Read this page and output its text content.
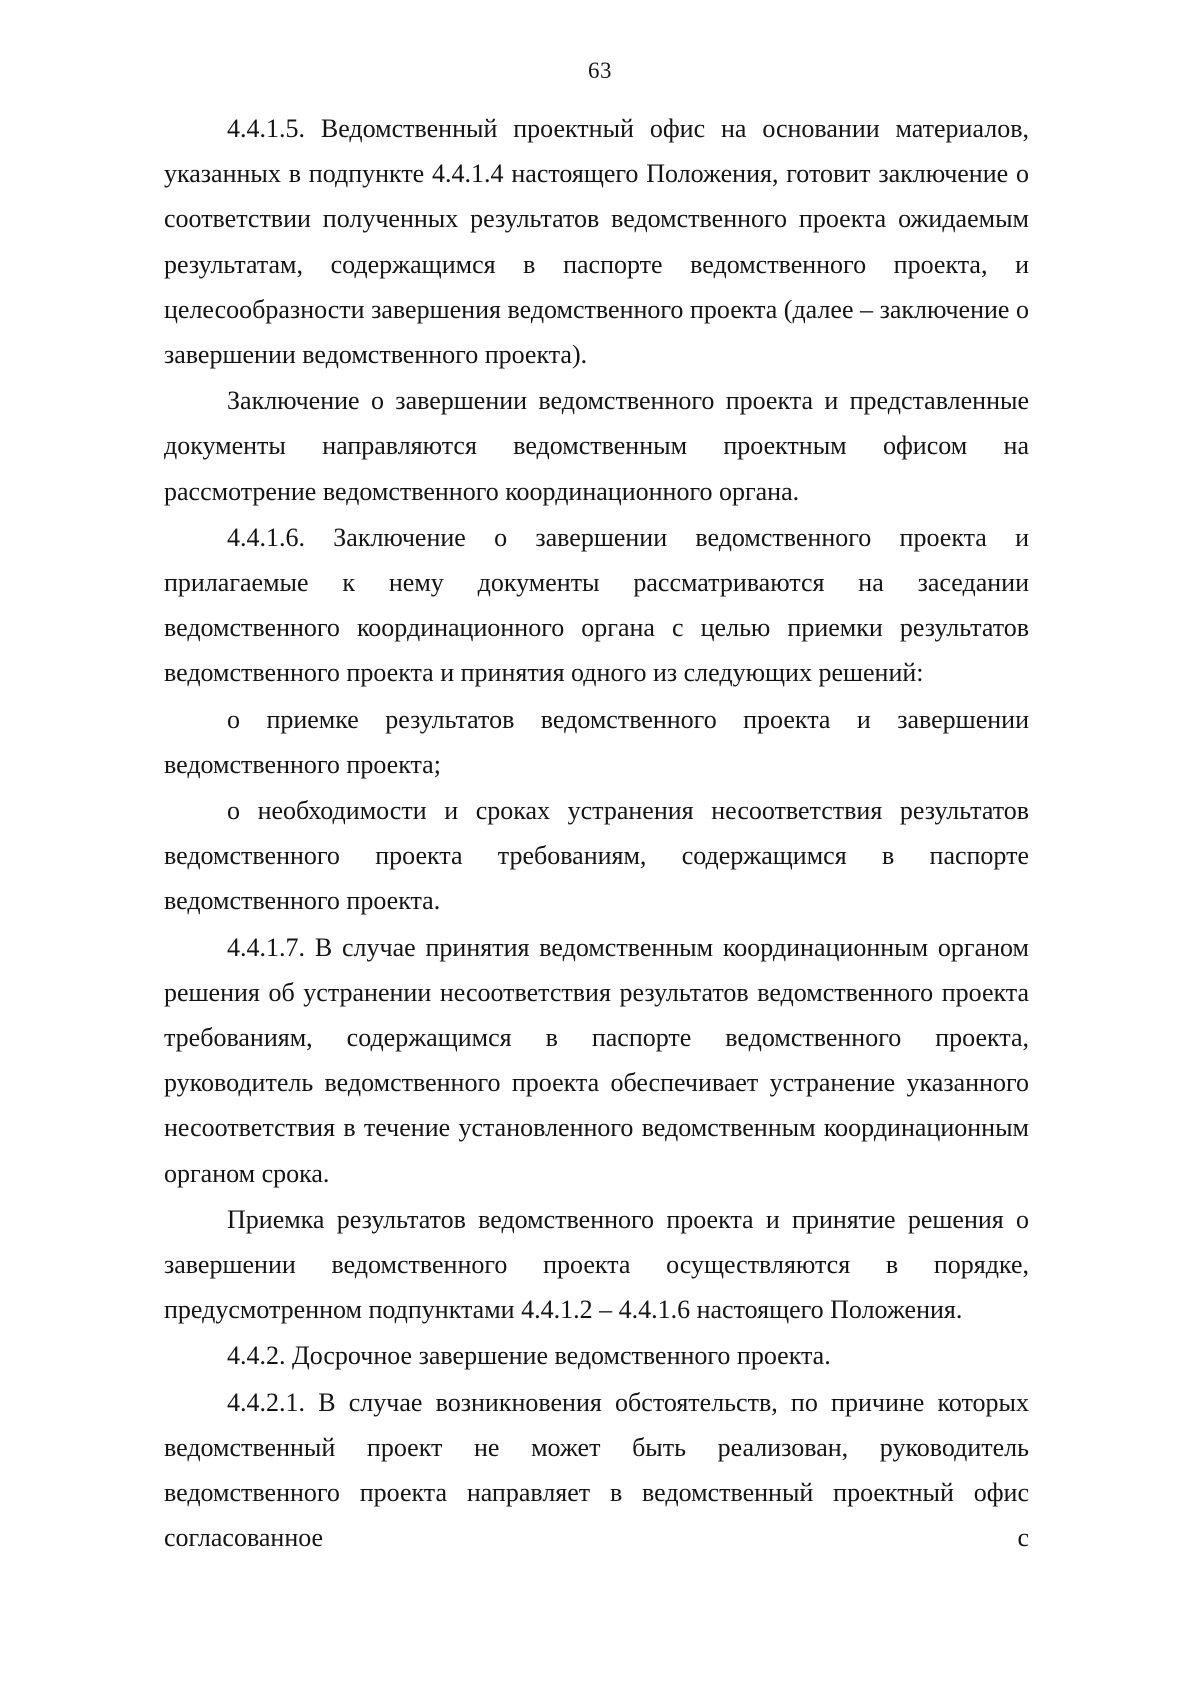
63

4.4.1.5. Ведомственный проектный офис на основании материалов, указанных в подпункте 4.4.1.4 настоящего Положения, готовит заключение о соответствии полученных результатов ведомственного проекта ожидаемым результатам, содержащимся в паспорте ведомственного проекта, и целесообразности завершения ведомственного проекта (далее – заключение о завершении ведомственного проекта).

Заключение о завершении ведомственного проекта и представленные документы направляются ведомственным проектным офисом на рассмотрение ведомственного координационного органа.

4.4.1.6. Заключение о завершении ведомственного проекта и прилагаемые к нему документы рассматриваются на заседании ведомственного координационного органа с целью приемки результатов ведомственного проекта и принятия одного из следующих решений:

о приемке результатов ведомственного проекта и завершении ведомственного проекта;

о необходимости и сроках устранения несоответствия результатов ведомственного проекта требованиям, содержащимся в паспорте ведомственного проекта.

4.4.1.7. В случае принятия ведомственным координационным органом решения об устранении несоответствия результатов ведомственного проекта требованиям, содержащимся в паспорте ведомственного проекта, руководитель ведомственного проекта обеспечивает устранение указанного несоответствия в течение установленного ведомственным координационным органом срока.

Приемка результатов ведомственного проекта и принятие решения о завершении ведомственного проекта осуществляются в порядке, предусмотренном подпунктами 4.4.1.2 – 4.4.1.6 настоящего Положения.

4.4.2. Досрочное завершение ведомственного проекта.

4.4.2.1. В случае возникновения обстоятельств, по причине которых ведомственный проект не может быть реализован, руководитель ведомственного проекта направляет в ведомственный проектный офис согласованное с
